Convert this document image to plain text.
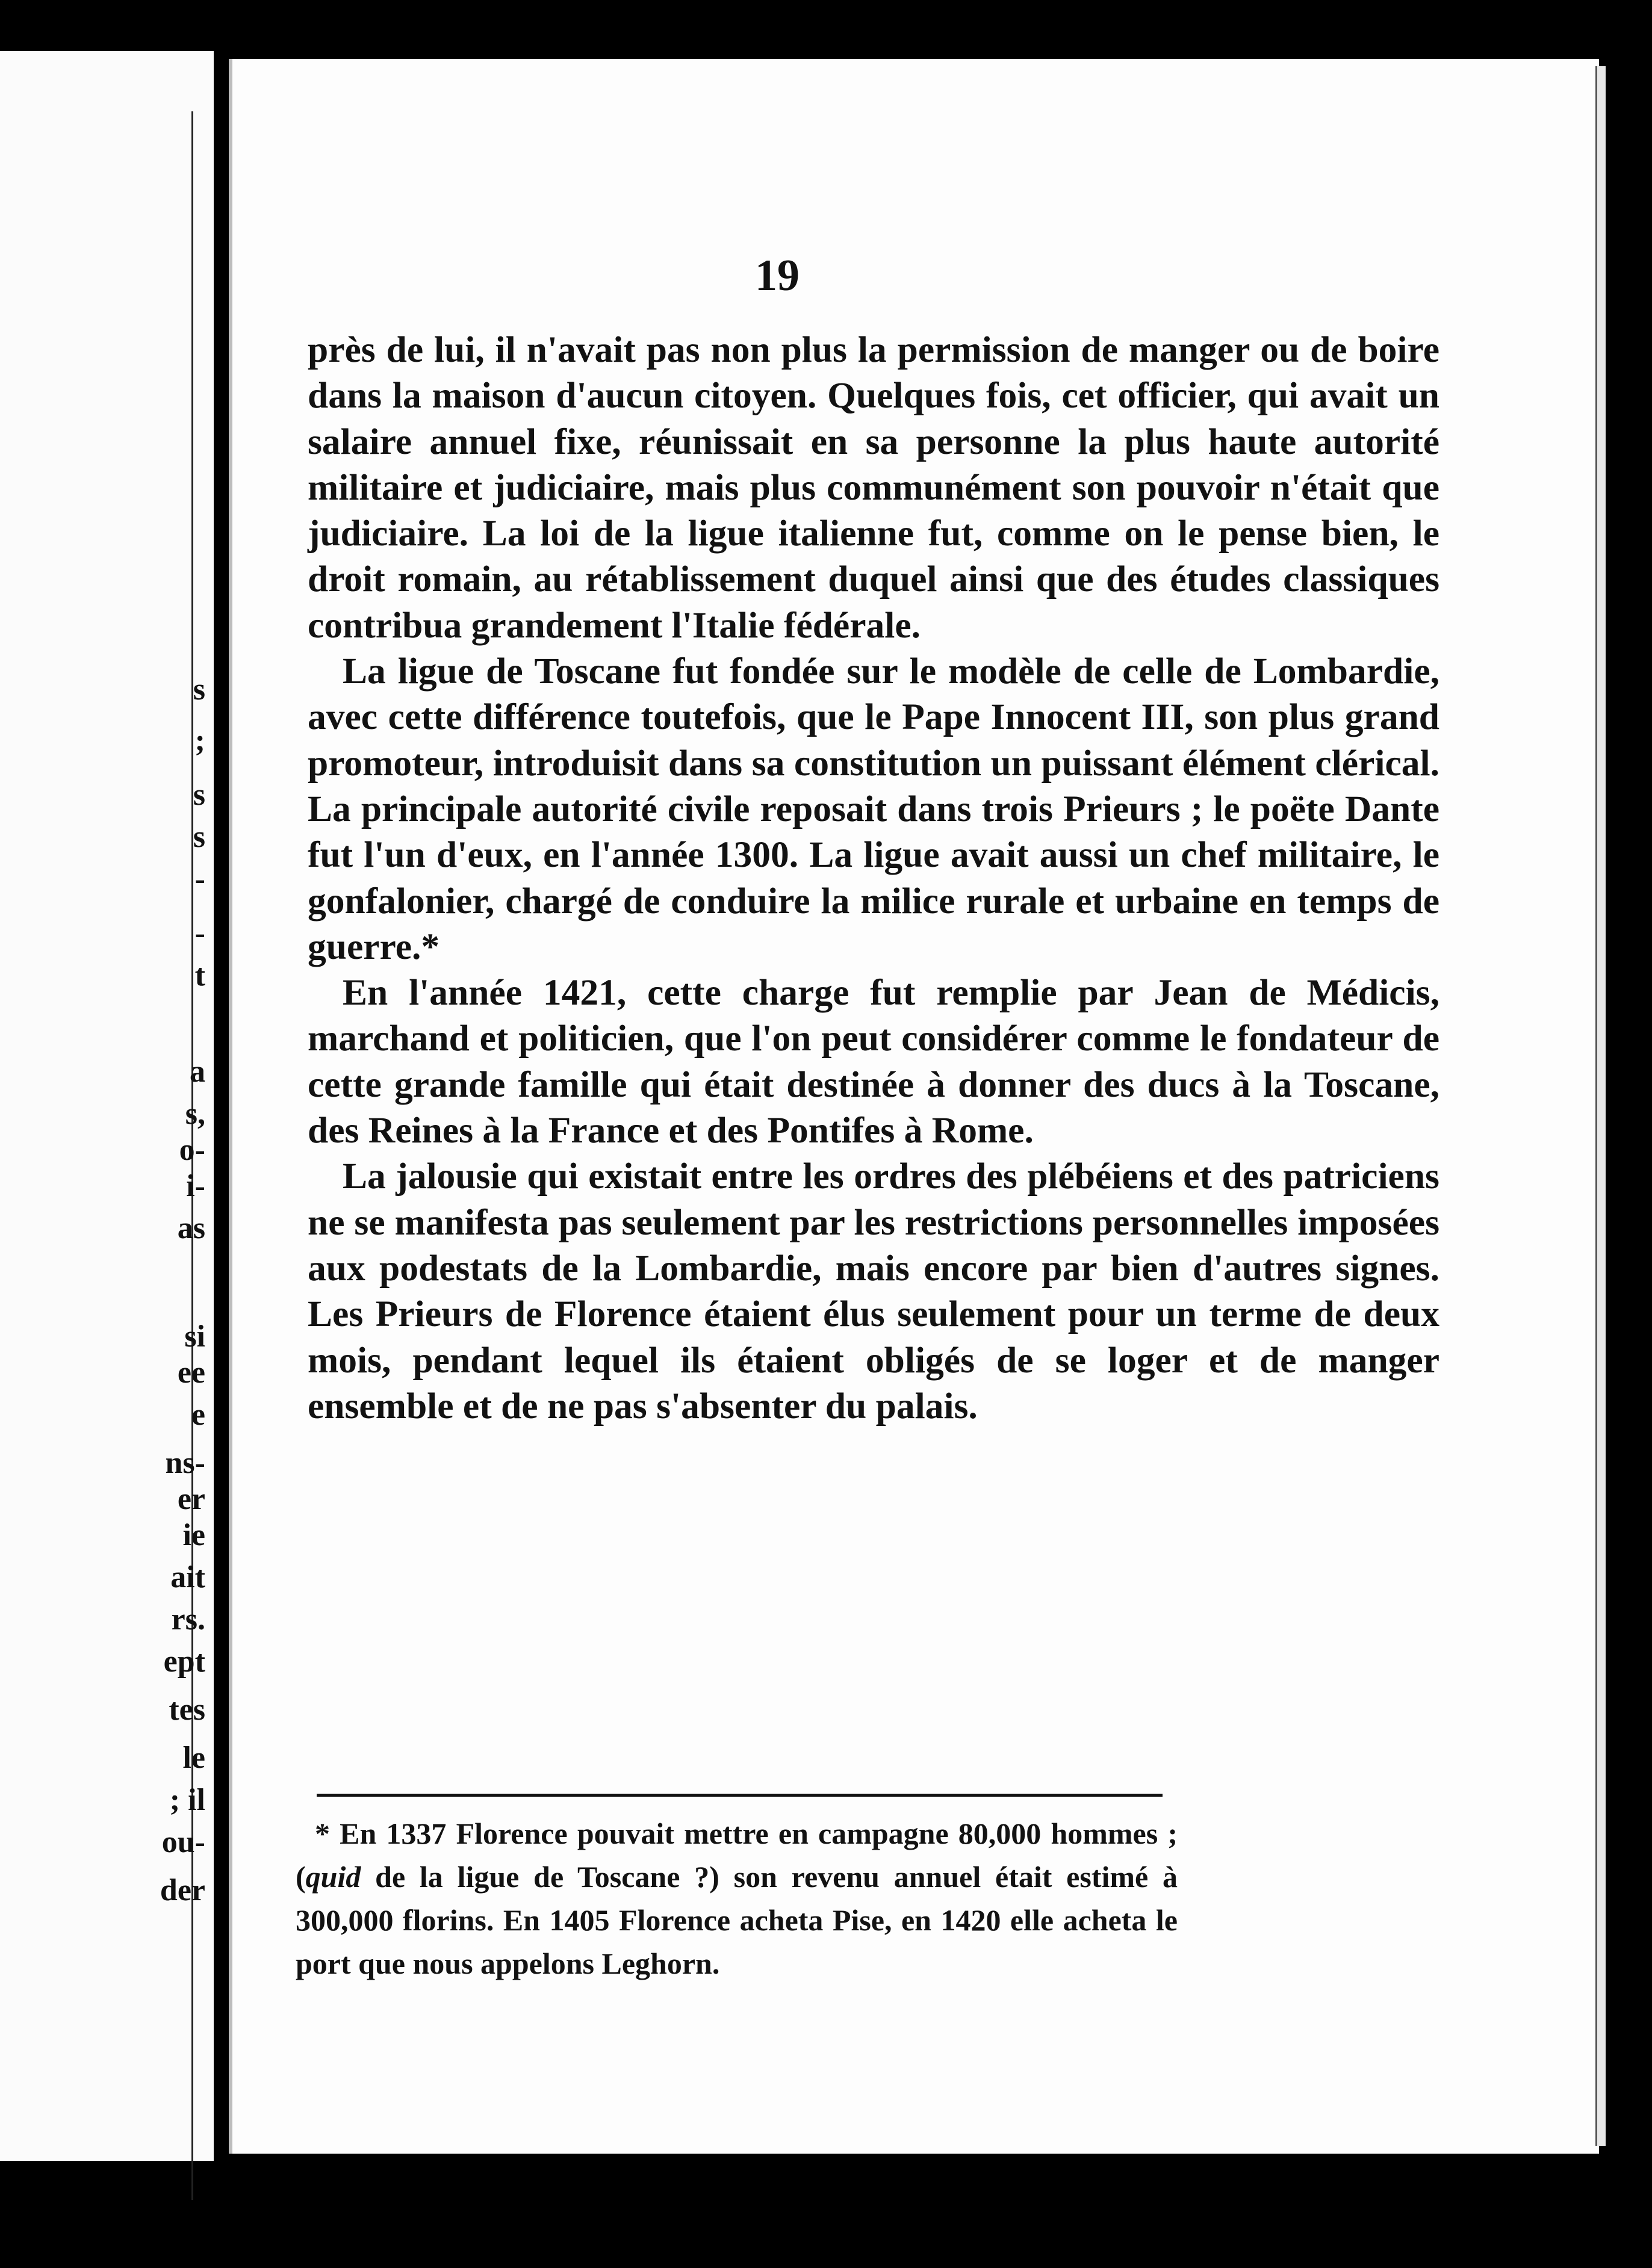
s
;
s
s
-
-
t
a
s,
o-
i-
as
si
ee
e
ns-
er
ie
ait
rs.
ept
tes
le
; il
ou-
der
19

près de lui, il n'avait pas non plus la permission de manger ou de boire dans la maison d'aucun citoyen. Quelques fois, cet officier, qui avait un salaire annuel fixe, réunissait en sa personne la plus haute autorité militaire et judiciaire, mais plus communément son pouvoir n'était que judiciaire. La loi de la ligue italienne fut, comme on le pense bien, le droit romain, au rétablissement duquel ainsi que des études classiques contribua grandement l'Italie fédérale.

La ligue de Toscane fut fondée sur le modèle de celle de Lombardie, avec cette différence toutefois, que le Pape Innocent III, son plus grand promoteur, introduisit dans sa constitution un puissant élément clérical. La principale autorité civile reposait dans trois Prieurs ; le poëte Dante fut l'un d'eux, en l'année 1300. La ligue avait aussi un chef militaire, le gonfalonier, chargé de conduire la milice rurale et urbaine en temps de guerre.*

En l'année 1421, cette charge fut remplie par Jean de Médicis, marchand et politicien, que l'on peut considérer comme le fondateur de cette grande famille qui était destinée à donner des ducs à la Toscane, des Reines à la France et des Pontifes à Rome.

La jalousie qui existait entre les ordres des plébéiens et des patriciens ne se manifesta pas seulement par les restrictions personnelles imposées aux podestats de la Lombardie, mais encore par bien d'autres signes. Les Prieurs de Florence étaient élus seulement pour un terme de deux mois, pendant lequel ils étaient obligés de se loger et de manger ensemble et de ne pas s'absenter du palais.

* En 1337 Florence pouvait mettre en campagne 80,000 hommes ; (quid de la ligue de Toscane ?) son revenu annuel était estimé à 300,000 florins. En 1405 Florence acheta Pise, en 1420 elle acheta le port que nous appelons Leghorn.
